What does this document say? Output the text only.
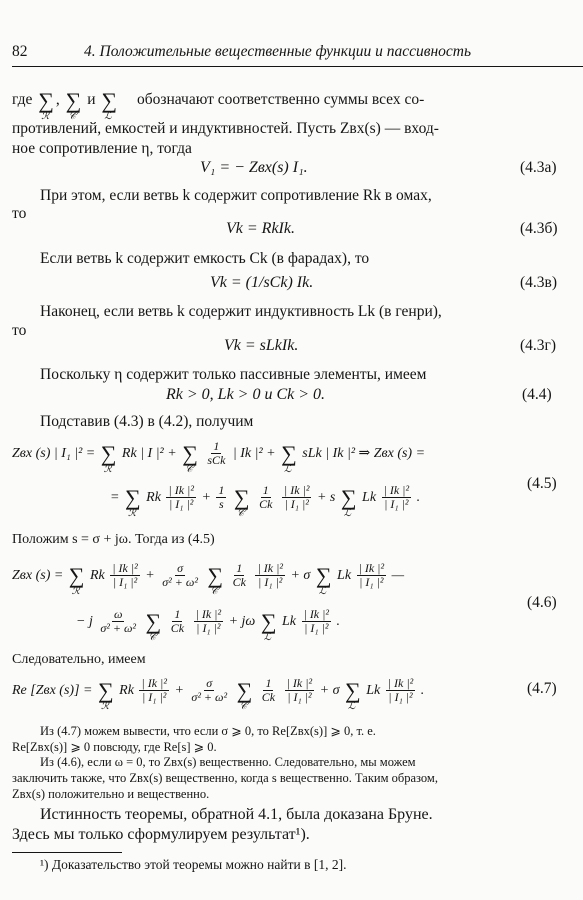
82	4. Положительные вещественные функции и пассивность
где ∑
ℛ
, ∑
𝒞
и ∑
ℒ
обозначают соответственно суммы всех со-
противлений, емкостей и индуктивностей. Пусть Zвх(s) — вход-
ное сопротивление η, тогда
V₁ = − Zвх(s) I₁.	(4.3а)
При этом, если ветвь k содержит сопротивление Rk в омах,
то
Vk = RkIk.	(4.3б)
Если ветвь k содержит емкость Ck (в фарадах), то
Vk = (1/sCk) Ik.	(4.3в)
Наконец, если ветвь k содержит индуктивность Lk (в генри),
то
Vk = sLkIk.	(4.3г)
Поскольку η содержит только пассивные элементы, имеем
Rk > 0, Lk > 0 и Ck > 0.	(4.4)
Подставив (4.3) в (4.2), получим
Zвх (s) | I₁ |² = ∑
ℛ
Rk | I |² + ∑
𝒞

$\frac{1}{\text{sCk}}$ | Ik |² + ∑
ℒ
sLk | Ik |² ⇒ Zвх (s) =
= ∑
ℛ
Rk $\frac{\text{| Ik |²}}{\text{| I₁ |²}} + \frac{1}{s}$ ∑
𝒞

$\frac{1}{Ck}$
$\frac{\text{| Ik |²}}{\text{| I₁ |²}} + s$ ∑
ℒ
Lk $\frac{\text{| Ik |²}}{\text{| I₁ |²}}$ .
(4.5)
Положим s = σ + jω. Тогда из (4.5)
Zвх (s) = ∑
ℛ
Rk $\frac{\text{| Ik |²}}{\text{| I₁ |²}} + \frac{\sigma}{\text{σ² + ω²}}$ ∑
𝒞

$\frac{1}{Ck}$
$\frac{\text{| Ik |²}}{\text{| I₁ |²}} + \sigma$ ∑
ℒ
Lk $\frac{\text{| Ik |²}}{\text{| I₁ |²}}$ —
− j $\frac{\omega}{\text{σ² + ω²}}$ ∑
𝒞

$\frac{1}{Ck}$
$\frac{\text{| Ik |²}}{\text{| I₁ |²}} + j\omega$ ∑
ℒ
Lk $\frac{\text{| Ik |²}}{\text{| I₁ |²}}$ .
(4.6)
Следовательно, имеем
Re [Zвх (s)] = ∑
ℛ
Rk $\frac{\text{| Ik |²}}{\text{| I₁ |²}} + \frac{\sigma}{\text{σ² + ω²}}$ ∑
𝒞

$\frac{1}{Ck}$
$\frac{\text{| Ik |²}}{\text{| I₁ |²}} + \sigma$ ∑
ℒ
Lk $\frac{\text{| Ik |²}}{\text{| I₁ |²}}$ .	(4.7)
Из (4.7) можем вывести, что если σ ⩾ 0, то Re[Zвх(s)] ⩾ 0, т. е.
Re[Zвх(s)] ⩾ 0 повсюду, где Re[s] ⩾ 0.
Из (4.6), если ω = 0, то Zвх(s) вещественно. Следовательно, мы можем
заключить также, что Zвх(s) вещественно, когда s вещественно. Таким образом,
Zвх(s) положительно и вещественно.
Истинность теоремы, обратной 4.1, была доказана Бруне.
Здесь мы только сформулируем результат¹).
¹) Доказательство этой теоремы можно найти в [1, 2].
